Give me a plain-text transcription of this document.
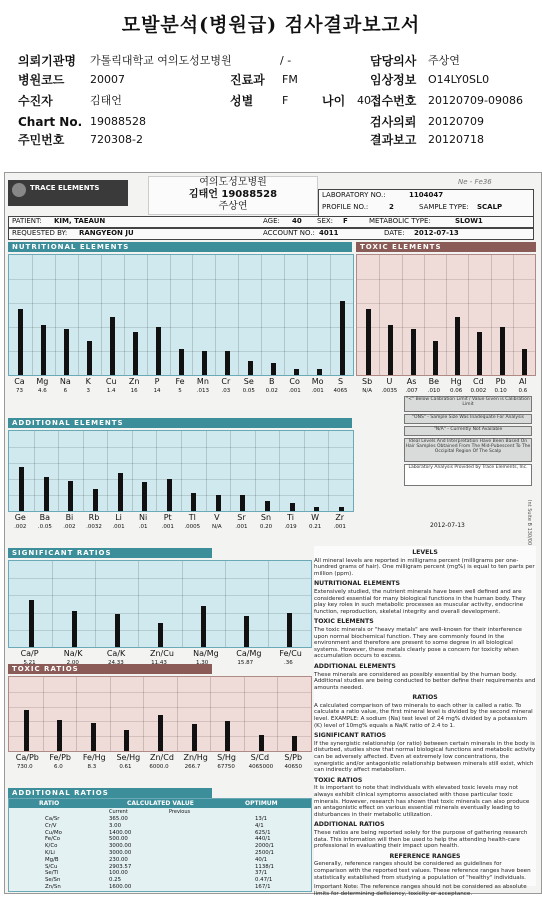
모발분석(병원급) 검사결과보고서
의뢰기관명 가톨릭대학교 여의도성모병원	/ -	담당의사 주상연
병원코드 20007	진료과 FM	임상정보 O14LY0SL0
수진자	김태언	성별	F	나이 40 접수번호 20120709-09086
Chart No. 19088528	검사의뢰 20120709
주민번호 720308-2	결과보고 20120718
TRACE ELEMENTS	여의도성모병원
김태언 19088528
주상연
Ne - Fe36
LABORATORY NO.:	1104047
PROFILE NO.:	2	SAMPLE TYPE: SCALP
PATIENT: KIM, TAEAUN	AGE: 40 SEX: F	METABOLIC TYPE:	SLOW1
REQUESTED BY: RANGYEON JU	ACCOUNT NO.: 4011	DATE: 2012-07-13
NUTRITIONAL ELEMENTS	TOXIC ELEMENTS
ADDITIONAL ELEMENTS
"<" Below Calibration Limit / Value Given is Calibration Limit
"ONS" - Sample Size Was Inadequate For Analysis
"N/A" - Currently Not Available
Ideal Levels And Interpretation Have Been Based On Hair Samples Obtained From The Mid-Pubescent To The Occipital Region Of The Scalp
Laboratory Analysis Provided by Trace Elements, Inc.
2012-07-13	Int Suite B 130/00
SIGNIFICANT RATIOS
TOXIC RATIOS
ADDITIONAL RATIOS
RATIO	CALCULATED VALUE	OPTIMUM
Current	Previous
Ca/Sr	365.00	13/1
Cr/V	3.00	4/1
Cu/Mo	1400.00	625/1
Fe/Co	500.00	440/1
K/Co	3000.00	2000/1
K/Li	3000.00	2500/1
Mg/B	230.00	40/1
S/Cu	2903.57	1138/1
Se/Tl	100.00	37/1
Se/Sn	0.25	0.47/1
Zn/Sn	1600.00	167/1
LEVELS

All mineral levels are reported in milligrams percent (milligrams per one-hundred grams of hair). One milligram percent (mg%) is equal to ten parts per million (ppm).

NUTRITIONAL ELEMENTS

Extensively studied, the nutrient minerals have been well defined and are considered essential for many biological functions in the human body. They play key roles in such metabolic processes as muscular activity, endocrine function, reproduction, skeletal integrity and overall development.

TOXIC ELEMENTS

The toxic minerals or "heavy metals" are well-known for their interference upon normal biochemical function. They are commonly found in the environment and therefore are present to some degree in all biological systems. However, these metals clearly pose a concern for toxicity when accumulation occurs to excess.

ADDITIONAL ELEMENTS

These minerals are considered as possibly essential by the human body. Additional studies are being conducted to better define their requirements and amounts needed.

RATIOS

A calculated comparison of two minerals to each other is called a ratio. To calculate a ratio value, the first mineral level is divided by the second mineral level. EXAMPLE: A sodium (Na) test level of 24 mg% divided by a potassium (K) level of 10mg% equals a Na/K ratio of 2.4 to 1.

SIGNIFICANT RATIOS

If the synergistic relationship (or ratio) between certain minerals in the body is disturbed, studies show that normal biological functions and metabolic activity can be adversely affected. Even at extremely low concentrations, the synergistic and/or antagonistic relationship between minerals still exist, which can indirectly affect metabolism.

TOXIC RATIOS

It is important to note that individuals with elevated toxic levels may not always exhibit clinical symptoms associated with those particular toxic minerals. However, research has shown that toxic minerals can also produce an antagonistic effect on various essential minerals eventually leading to disturbances in their metabolic utilization.

ADDITIONAL RATIOS

These ratios are being reported solely for the purpose of gathering research data. This information will then be used to help the attending health-care professional in evaluating their impact upon health.

REFERENCE RANGES

Generally, reference ranges should be considered as guidelines for comparison with the reported test values. These reference ranges have been statistically established from studying a population of "healthy" individuals.

Important Note: The reference ranges should not be considered as absolute limits for determining deficiency, toxicity or acceptance.

Ca	Mg	Na	K	Cu	Zn	P	Fe	Mn	Cr	Se	B	Co	Mo	S
73	4.6	6	3	1.4	16	14	5	.013	.03	0.05	0.02	.001	.001	4065
Sb	U	As	Be	Hg	Cd	Pb	Al
N/A	.0035	.007	.010	0.06	0.002	0.10	0.6
Ge	Ba	Bi	Rb	Li	Ni	Pt	Tl	V	Sr	Sn	Ti	W	Zr
.002	.0.05	.002	.0032	.001	.01	.001	.0005	N/A	.001	0.20	.019	0.21	.001
Ca/P	Na/K	Ca/K	Zn/Cu Na/Mg Ca/Mg Fe/Cu
5.21	2.00	24.33	11.43	1.30	15.87	.36
Ca/Pb Fe/Pb Fe/Hg Se/Hg Zn/Cd Zn/Hg S/Hg S/Cd S/Pb
730.0	6.0	8.3	0.61	6000.0	266.7	67750	4065000	40650
